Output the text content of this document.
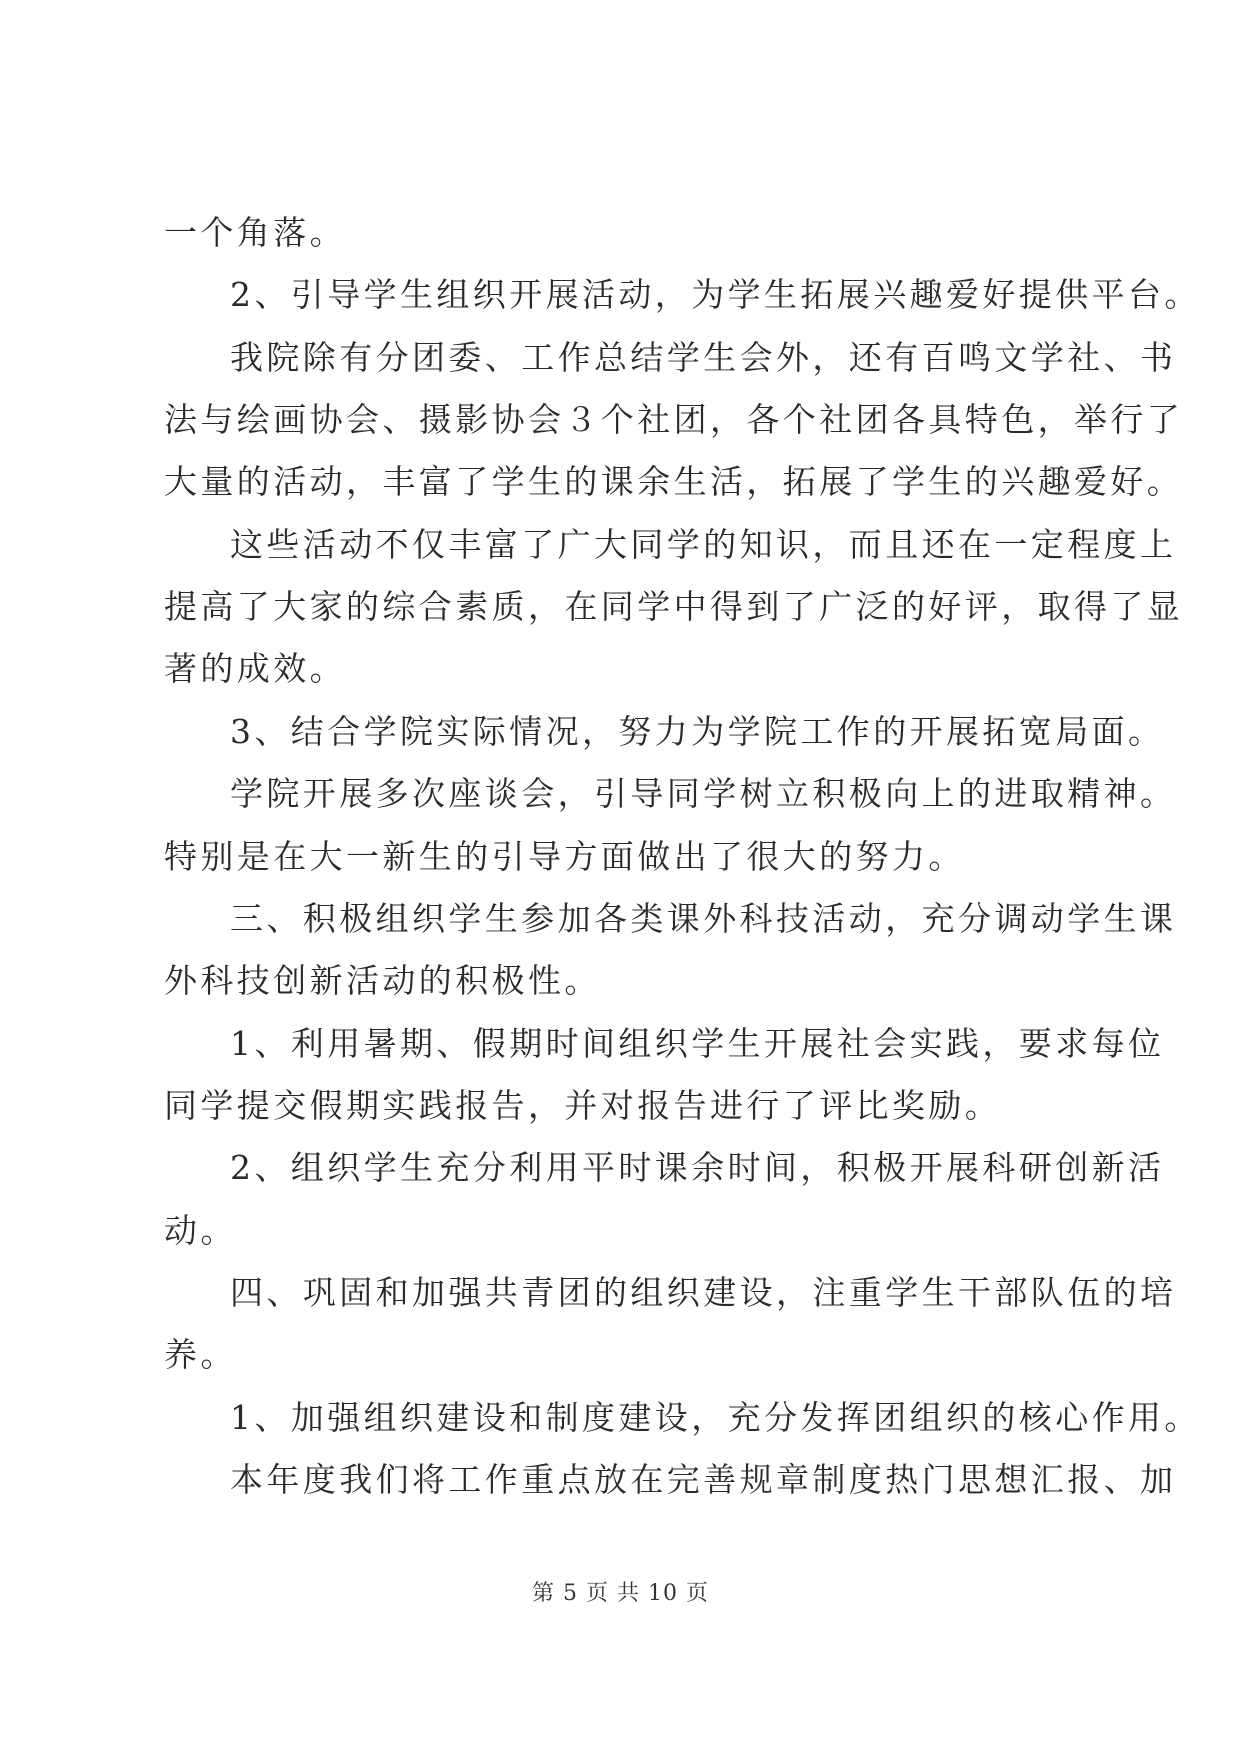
一个角落。
2、引导学生组织开展活动，为学生拓展兴趣爱好提供平台。
我院除有分团委、工作总结学生会外，还有百鸣文学社、书
法与绘画协会、摄影协会３个社团，各个社团各具特色，举行了
大量的活动，丰富了学生的课余生活，拓展了学生的兴趣爱好。
这些活动不仅丰富了广大同学的知识，而且还在一定程度上
提高了大家的综合素质，在同学中得到了广泛的好评，取得了显
著的成效。
3、结合学院实际情况，努力为学院工作的开展拓宽局面。
学院开展多次座谈会，引导同学树立积极向上的进取精神。
特别是在大一新生的引导方面做出了很大的努力。
三、积极组织学生参加各类课外科技活动，充分调动学生课
外科技创新活动的积极性。
1、利用暑期、假期时间组织学生开展社会实践，要求每位
同学提交假期实践报告，并对报告进行了评比奖励。
2、组织学生充分利用平时课余时间，积极开展科研创新活
动。
四、巩固和加强共青团的组织建设，注重学生干部队伍的培
养。
1、加强组织建设和制度建设，充分发挥团组织的核心作用。
本年度我们将工作重点放在完善规章制度热门思想汇报、加
第 5 页 共 10 页
